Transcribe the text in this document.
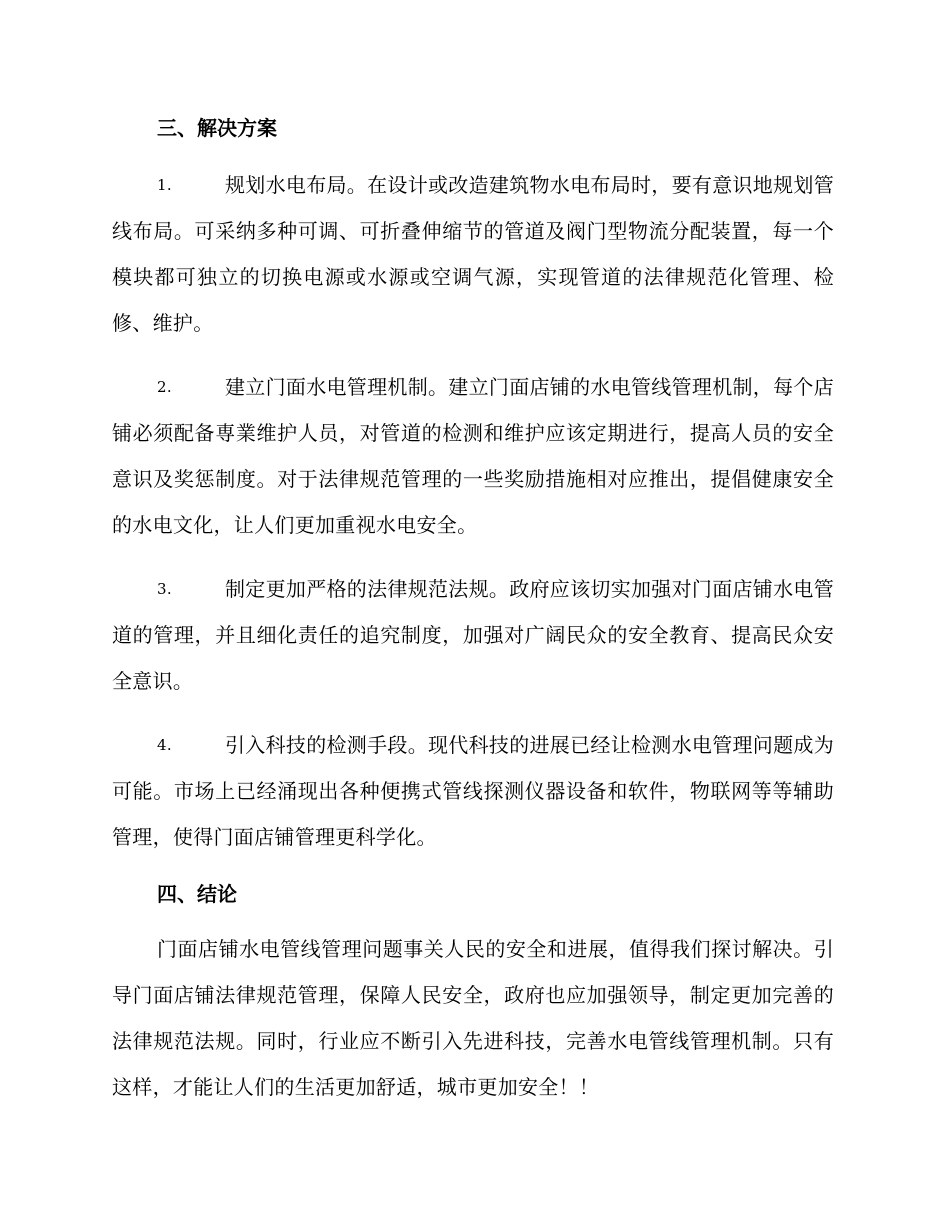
三、解决方案

1.	规划水电布局。在设计或改造建筑物水电布局时，要有意识地规划管线布局。可采纳多种可调、可折叠伸缩节的管道及阀门型物流分配装置，每一个模块都可独立的切换电源或水源或空调气源，实现管道的法律规范化管理、检修、维护。

2.	建立门面水电管理机制。建立门面店铺的水电管线管理机制，每个店铺必须配备専業维护人员，对管道的检测和维护应该定期进行，提高人员的安全意识及奖惩制度。对于法律规范管理的一些奖励措施相对应推出，提倡健康安全的水电文化，让人们更加重视水电安全。

3.	制定更加严格的法律规范法规。政府应该切实加强对门面店铺水电管道的管理，并且细化责任的追究制度，加强对广阔民众的安全教育、提高民众安全意识。

4.	引入科技的检测手段。现代科技的进展已经让检测水电管理问题成为可能。市场上已经涌现出各种便携式管线探测仪器设备和软件，物联网等等辅助管理，使得门面店铺管理更科学化。

四、结论

门面店铺水电管线管理问题事关人民的安全和进展，值得我们探讨解决。引导门面店铺法律规范管理，保障人民安全，政府也应加强领导，制定更加完善的法律规范法规。同时，行业应不断引入先进科技，完善水电管线管理机制。只有这样，才能让人们的生活更加舒适，城市更加安全！！
